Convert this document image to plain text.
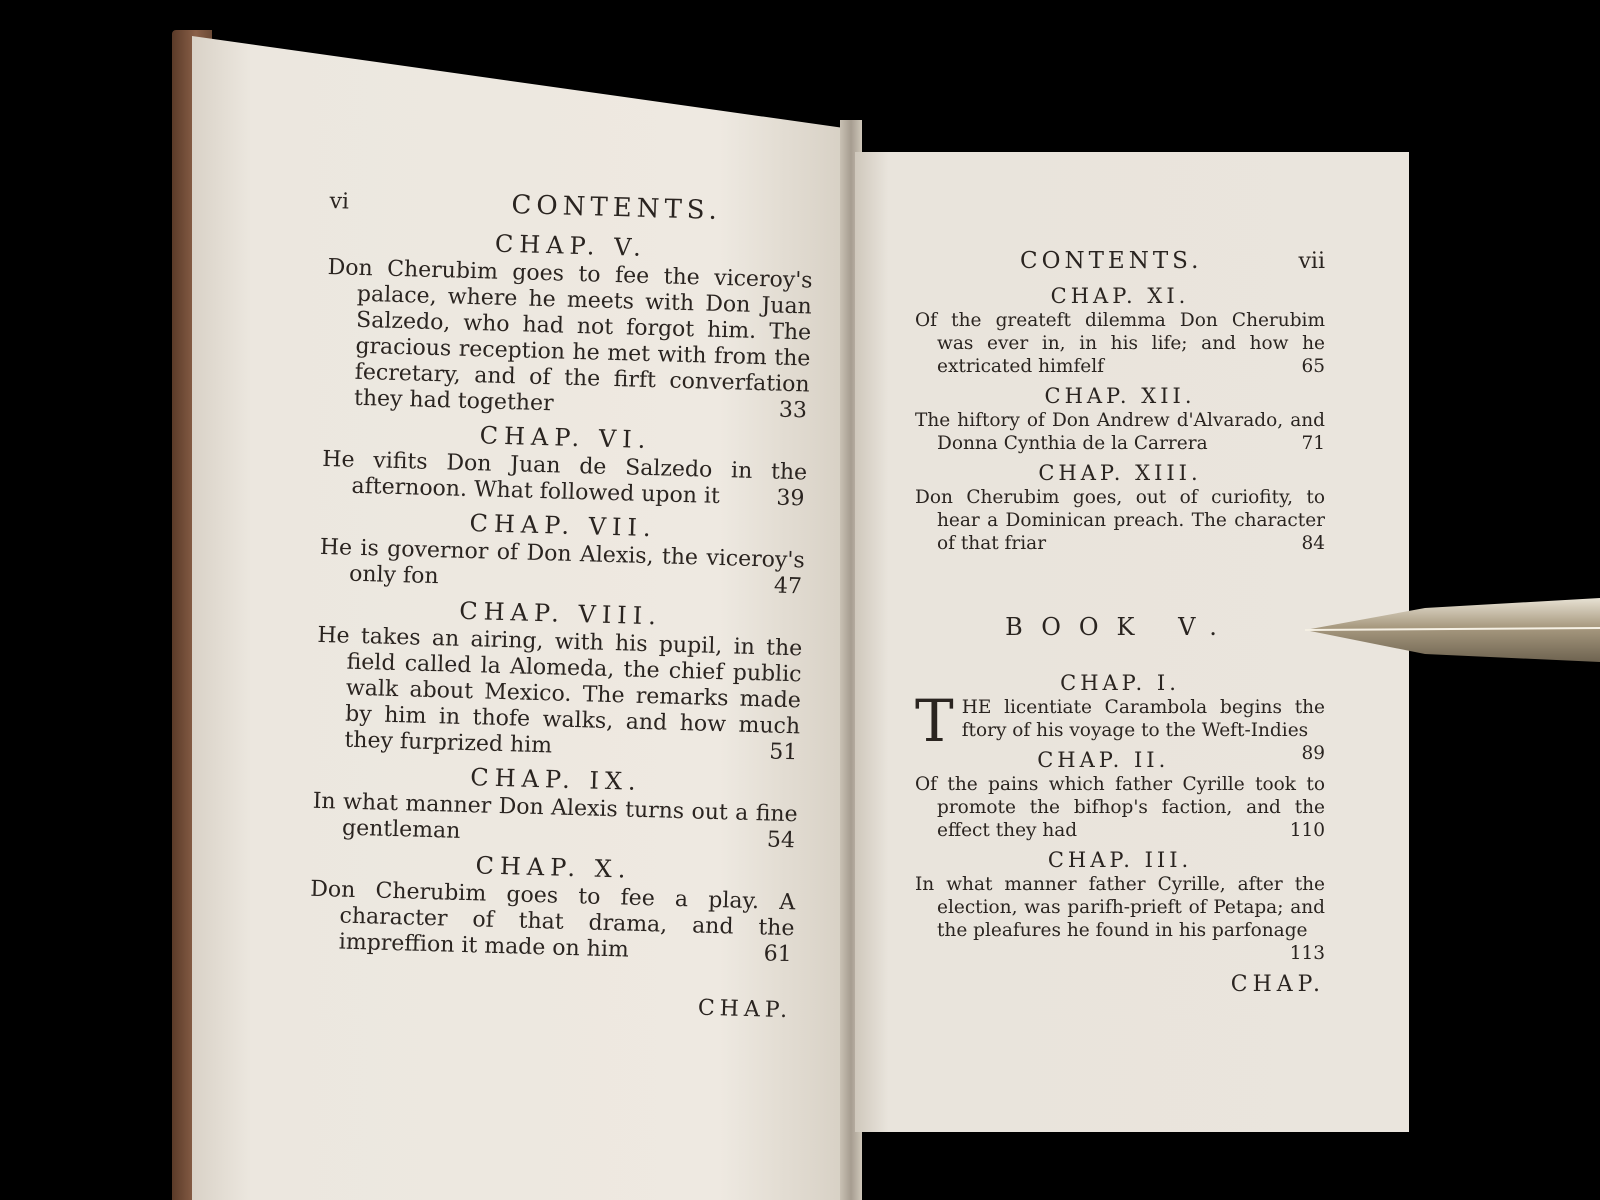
vi	CONTENTS.
CHAP. V.
Don Cherubim goes to fee the viceroy's palace, where he meets with Don Juan Salzedo, who had not forgot him. The gracious reception he met with from the fecretary, and of the firft converfation they had together	33
CHAP. VI.
He vifits Don Juan de Salzedo in the afternoon. What followed upon it	39
CHAP. VII.
He is governor of Don Alexis, the viceroy's only fon	47
CHAP. VIII.
He takes an airing, with his pupil, in the field called la Alomeda, the chief public walk about Mexico. The remarks made by him in thofe walks, and how much they furprized him	51
CHAP. IX.
In what manner Don Alexis turns out a fine gentleman	54
CHAP. X.
Don Cherubim goes to fee a play. A character of that drama, and the impreffion it made on him	61
CHAP.
CONTENTS.	vii
CHAP. XI.
Of the greateft dilemma Don Cherubim was ever in, in his life; and how he extricated himfelf	65
CHAP. XII.
The hiftory of Don Andrew d'Alvarado, and Donna Cynthia de la Carrera	71
CHAP. XIII.
Don Cherubim goes, out of curiofity, to hear a Dominican preach. The character of that friar	84
BOOK V.
CHAP. I.
THE licentiate Carambola begins the ftory of his voyage to the Weft-Indies
89
CHAP. II.
Of the pains which father Cyrille took to promote the bifhop's faction, and the effect they had	110
CHAP. III.
In what manner father Cyrille, after the election, was parifh-prieft of Petapa; and the pleafures he found in his parfonage
113
CHAP.
